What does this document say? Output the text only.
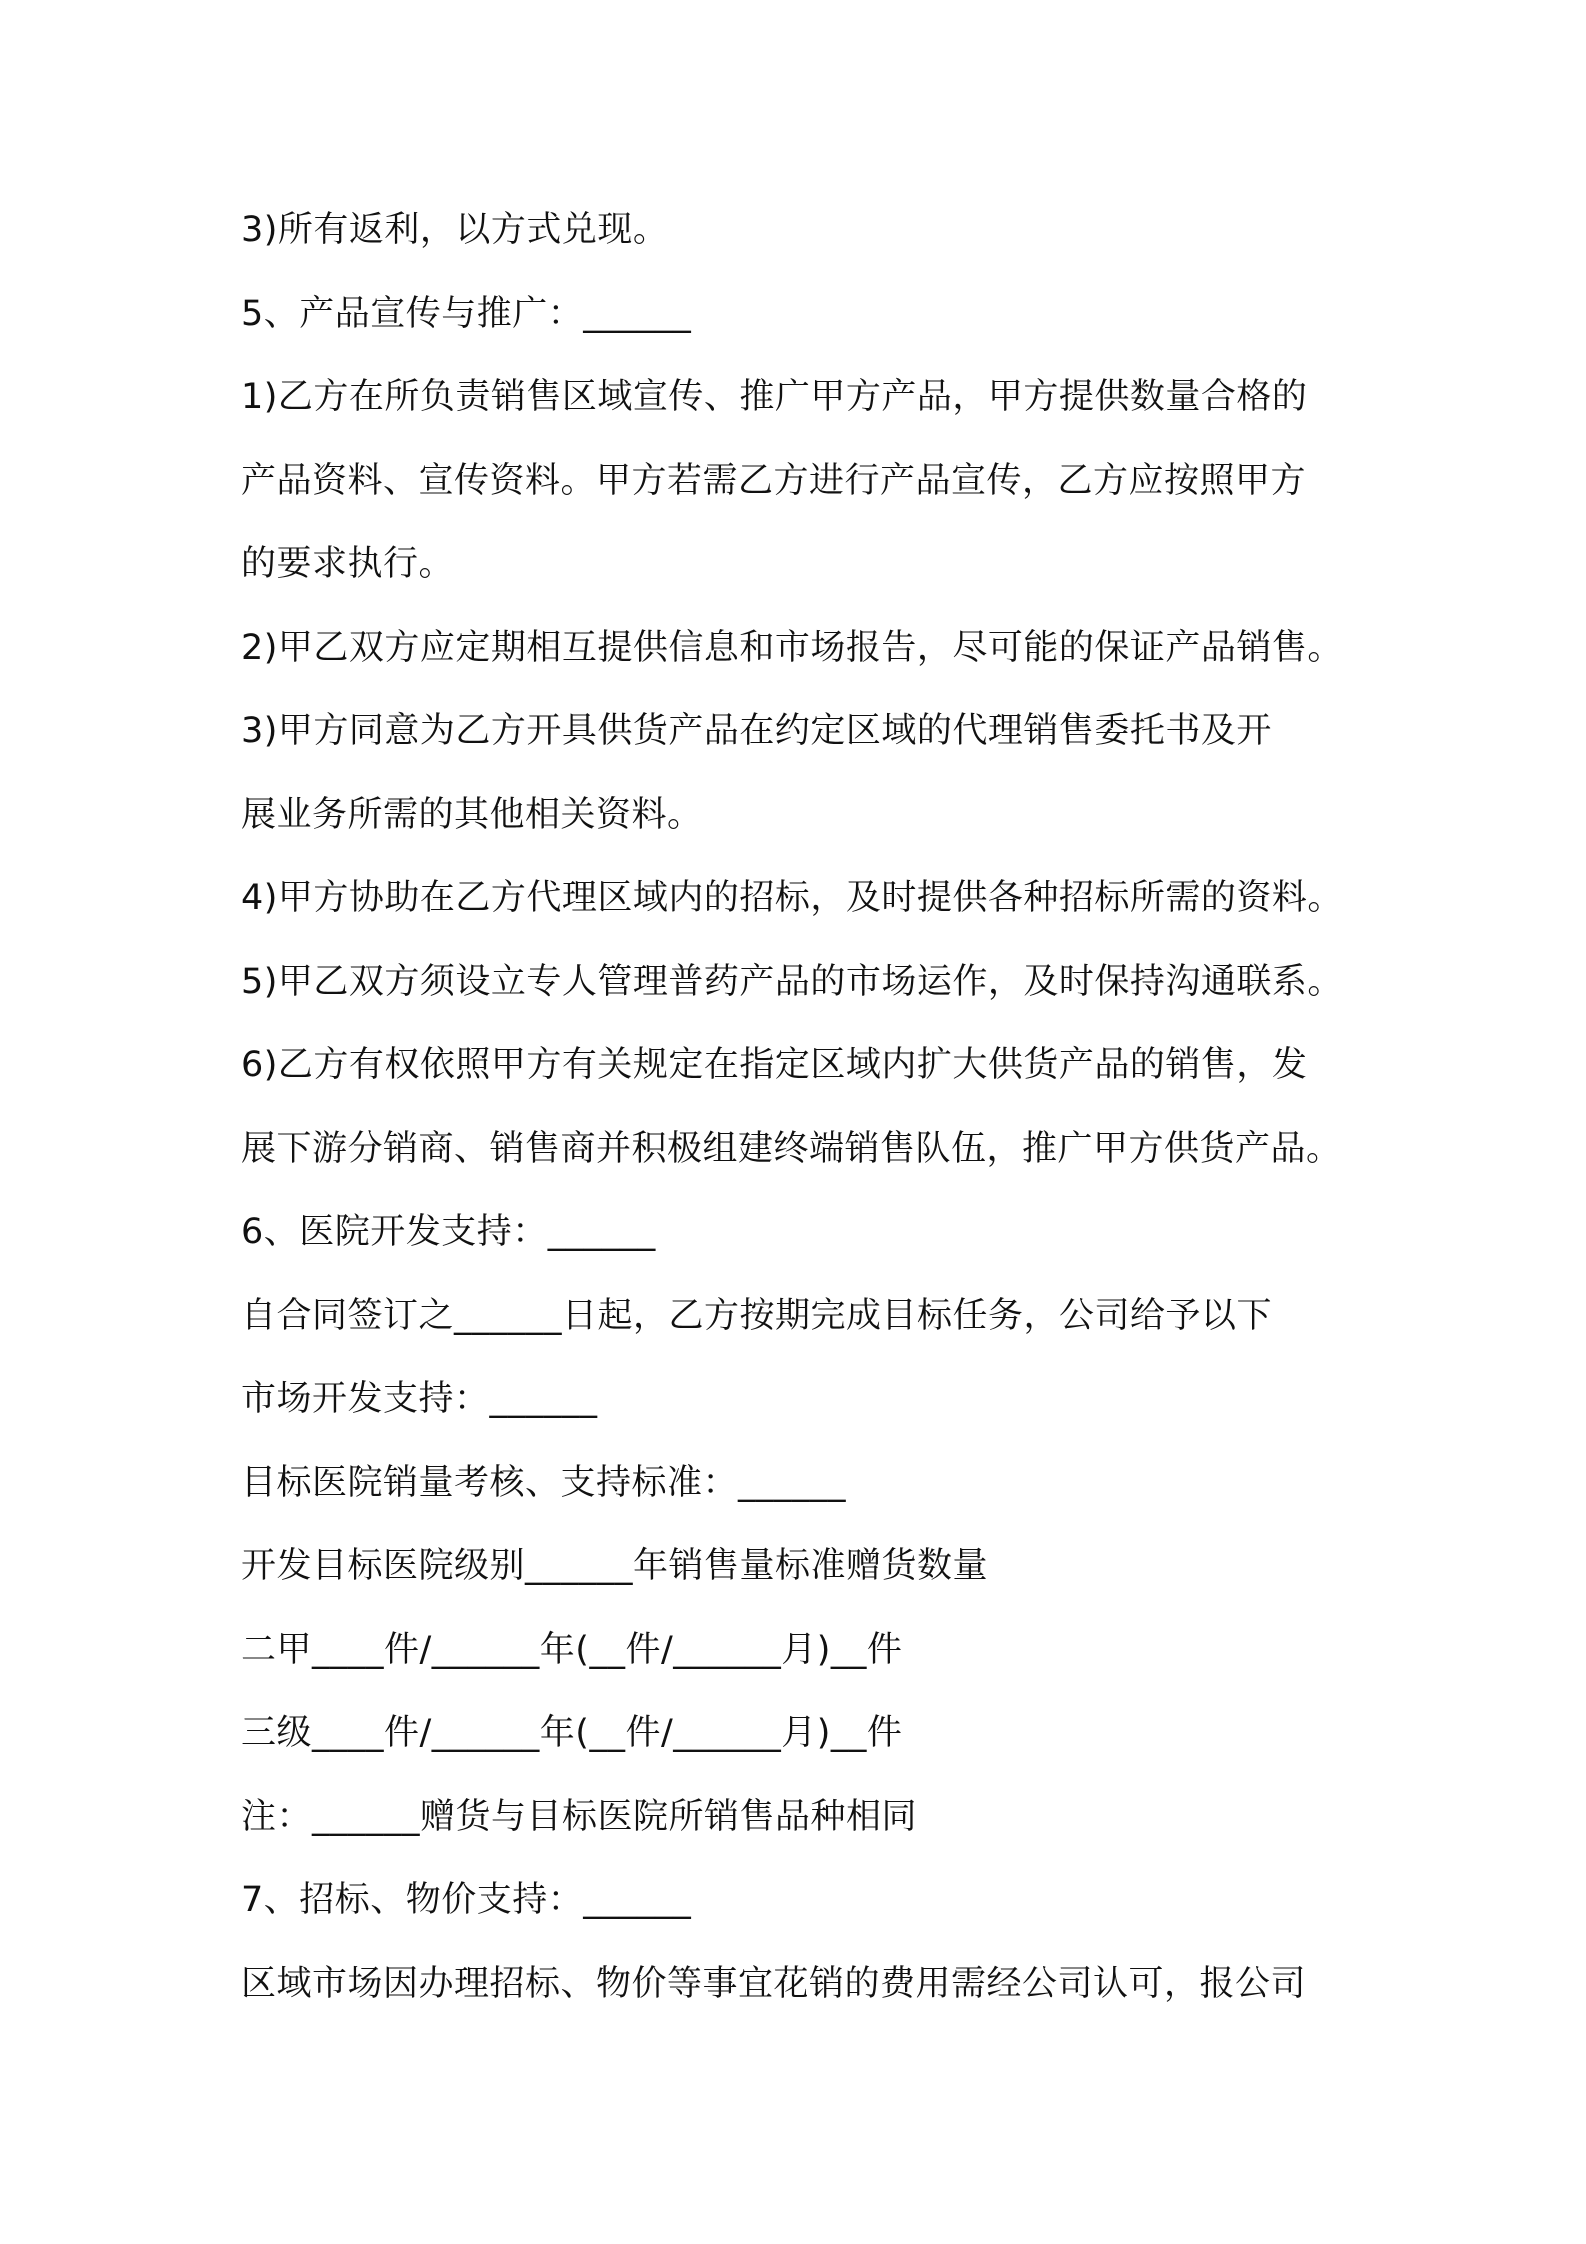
3)所有返利，以方式兑现。
5、产品宣传与推广：______
1)乙方在所负责销售区域宣传、推广甲方产品，甲方提供数量合格的
产品资料、宣传资料。甲方若需乙方进行产品宣传，乙方应按照甲方
的要求执行。
2)甲乙双方应定期相互提供信息和市场报告，尽可能的保证产品销售。
3)甲方同意为乙方开具供货产品在约定区域的代理销售委托书及开
展业务所需的其他相关资料。
4)甲方协助在乙方代理区域内的招标，及时提供各种招标所需的资料。
5)甲乙双方须设立专人管理普药产品的市场运作，及时保持沟通联系。
6)乙方有权依照甲方有关规定在指定区域内扩大供货产品的销售，发
展下游分销商、销售商并积极组建终端销售队伍，推广甲方供货产品。
6、医院开发支持：______
自合同签订之______日起，乙方按期完成目标任务，公司给予以下
市场开发支持：______
目标医院销量考核、支持标准：______
开发目标医院级别______年销售量标准赠货数量
二甲____件/______年(__件/______月)__件
三级____件/______年(__件/______月)__件
注：______赠货与目标医院所销售品种相同
7、招标、物价支持：______
区域市场因办理招标、物价等事宜花销的费用需经公司认可，报公司
